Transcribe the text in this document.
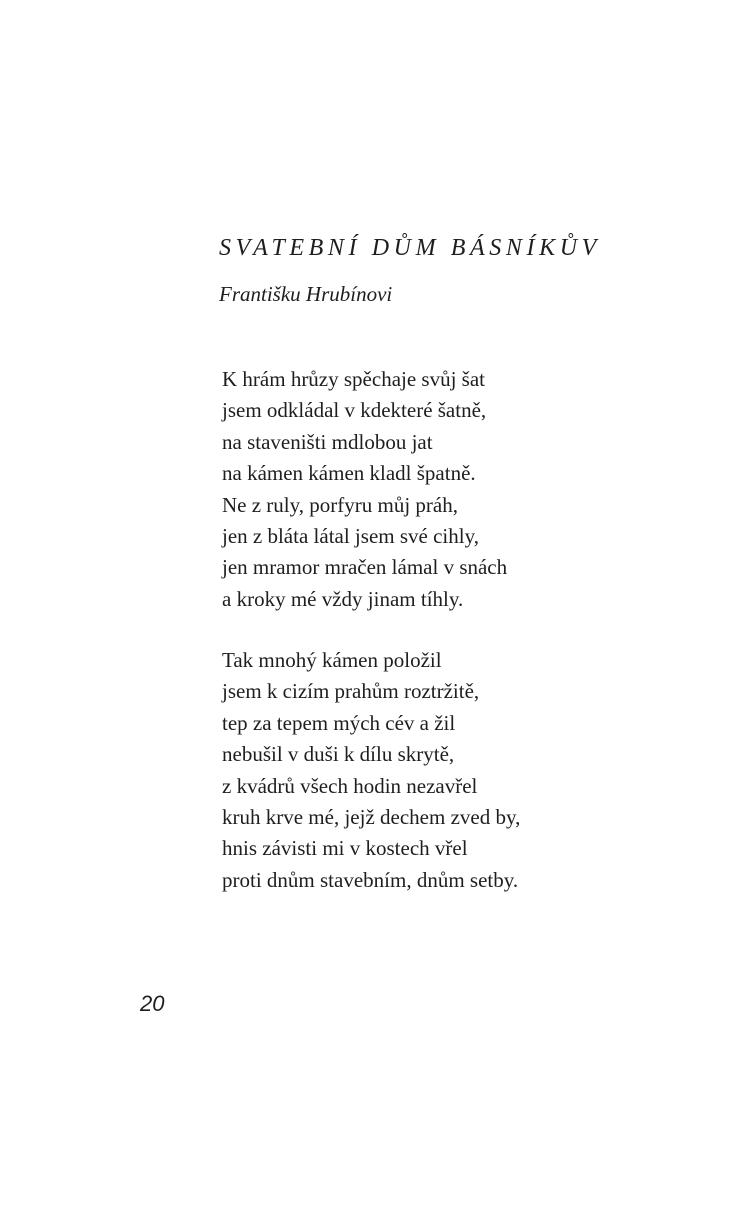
SVATEBNÍ DŮM BÁSNÍKŮV

Františku Hrubínovi

K hrám hrůzy spěchaje svůj šat
jsem odkládal v kdekteré šatně,
na staveništi mdlobou jat
na kámen kámen kladl špatně.
Ne z ruly, porfyru můj práh,
jen z bláta látal jsem své cihly,
jen mramor mračen lámal v snách
a kroky mé vždy jinam tíhly.
Tak mnohý kámen položil
jsem k cizím prahům roztržitě,
tep za tepem mých cév a žil
nebušil v duši k dílu skrytě,
z kvádrů všech hodin nezavřel
kruh krve mé, jejž dechem zved by,
hnis závisti mi v kostech vřel
proti dnům stavebním, dnům setby.
20
